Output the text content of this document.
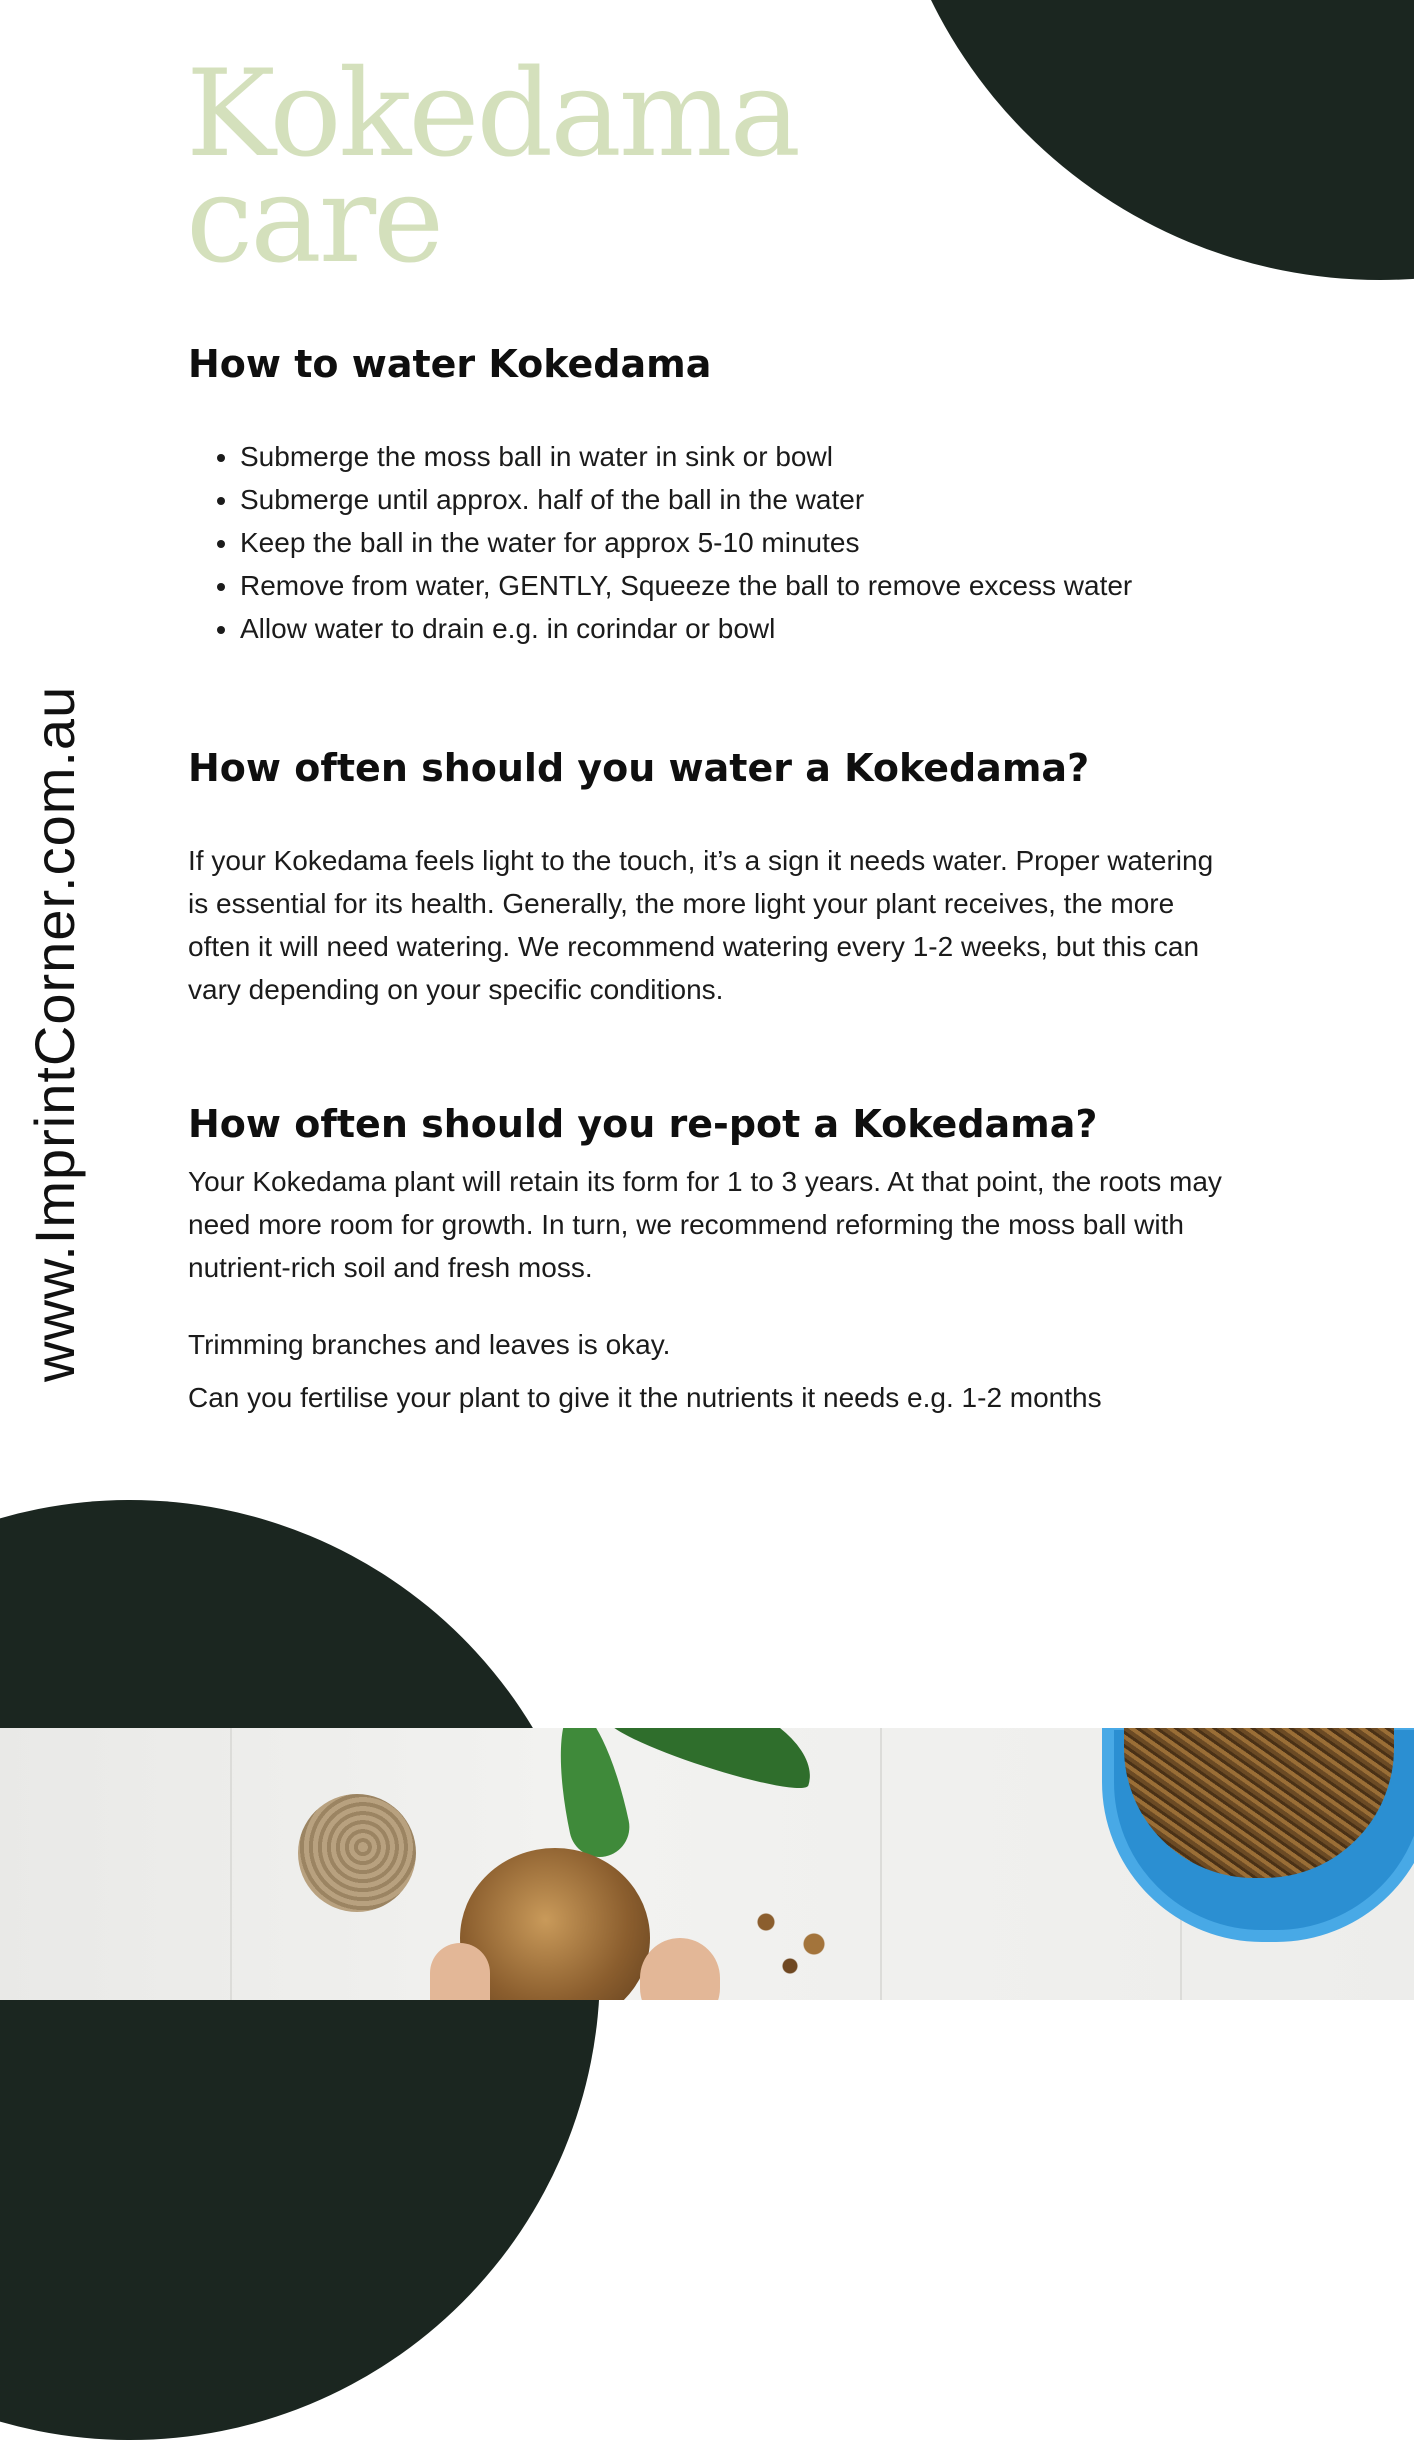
Kokedama
care
www.ImprintCorner.com.au
How to water Kokedama
• Submerge the moss ball in water in sink or bowl
• Submerge until approx. half of the ball in the water
• Keep the ball in the water for approx 5-10 minutes
• Remove from water, GENTLY, Squeeze the ball to remove excess water
• Allow water to drain e.g. in corindar or bowl
How often should you water a Kokedama?

If your Kokedama feels light to the touch, it’s a sign it needs water. Proper watering is essential for its health. Generally, the more light your plant receives, the more often it will need watering. We recommend watering every 1-2 weeks, but this can vary depending on your specific conditions.

How often should you re-pot a Kokedama?

Your Kokedama plant will retain its form for 1 to 3 years. At that point, the roots may need more room for growth. In turn, we recommend reforming the moss ball with nutrient-rich soil and fresh moss.

Trimming branches and leaves is okay.

Can you fertilise your plant to give it the nutrients it needs e.g. 1-2 months
